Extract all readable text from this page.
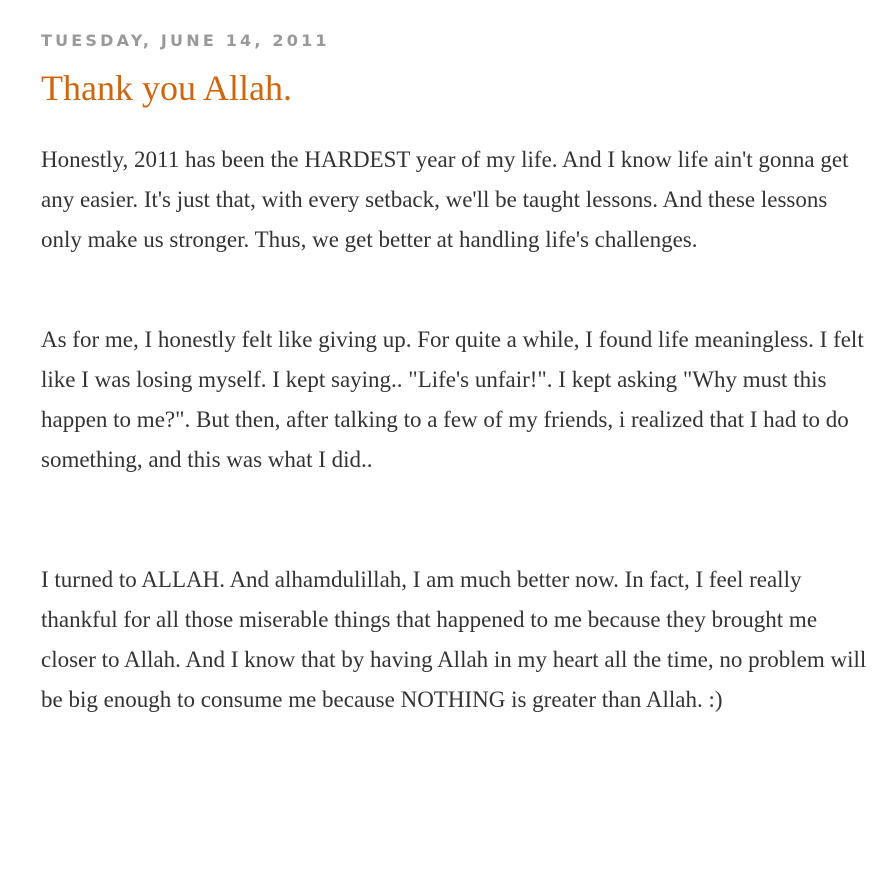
TUESDAY, JUNE 14, 2011
Thank you Allah.

Honestly, 2011 has been the HARDEST year of my life. And I know life ain't gonna get any easier. It's just that, with every setback, we'll be taught lessons. And these lessons only make us stronger. Thus, we get better at handling life's challenges.

As for me, I honestly felt like giving up. For quite a while, I found life meaningless. I felt like I was losing myself. I kept saying.. "Life's unfair!". I kept asking "Why must this happen to me?". But then, after talking to a few of my friends, i realized that I had to do something, and this was what I did..

I turned to ALLAH. And alhamdulillah, I am much better now. In fact, I feel really thankful for all those miserable things that happened to me because they brought me closer to Allah. And I know that by having Allah in my heart all the time, no problem will be big enough to consume me because NOTHING is greater than Allah. :)
